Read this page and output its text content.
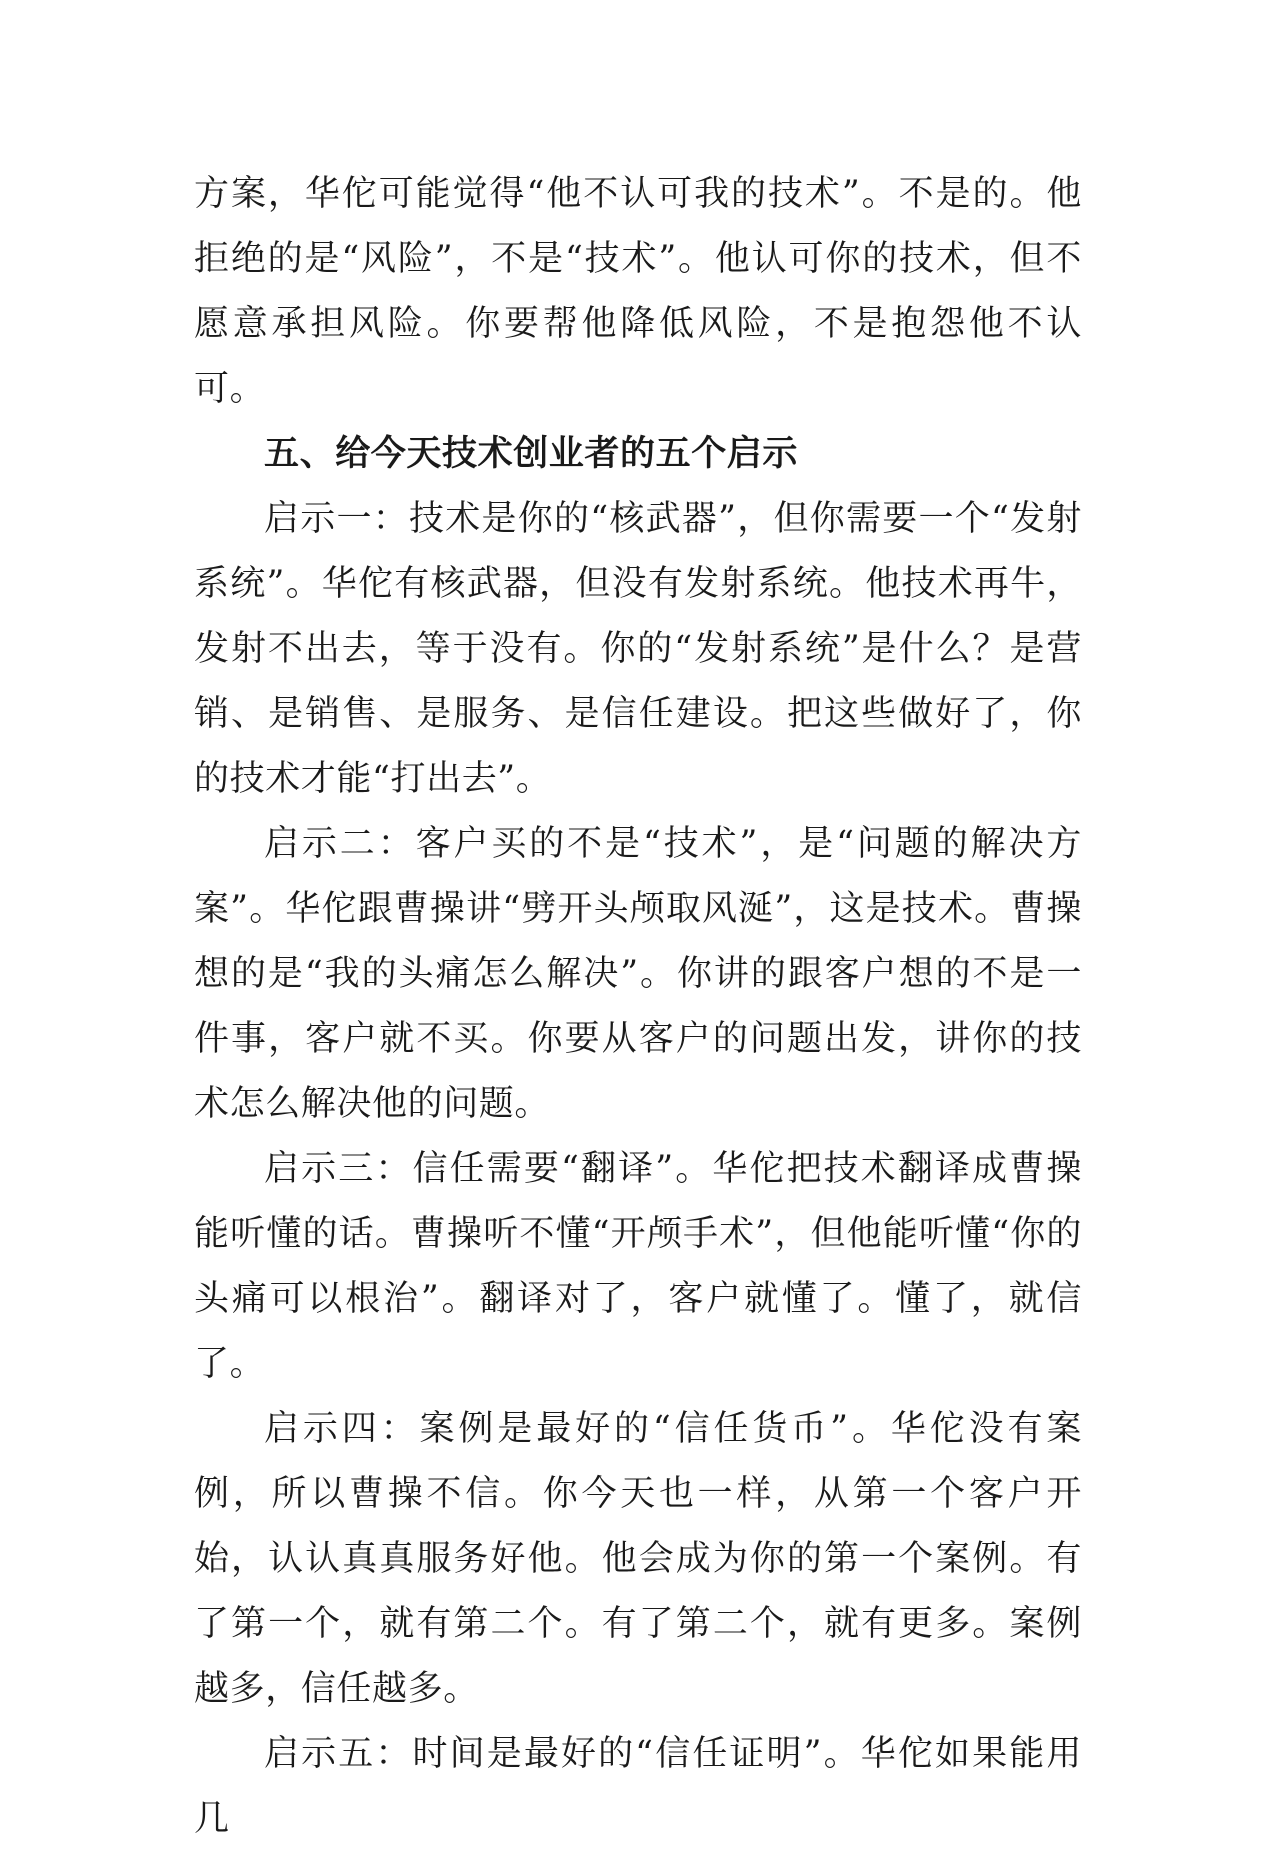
方案，华佗可能觉得“他不认可我的技术”。不是的。他拒绝的是“风险”，不是“技术”。他认可你的技术，但不愿意承担风险。你要帮他降低风险，不是抱怨他不认可。

五、给今天技术创业者的五个启示

启示一：技术是你的“核武器”，但你需要一个“发射系统”。华佗有核武器，但没有发射系统。他技术再牛，发射不出去，等于没有。你的“发射系统”是什么？是营销、是销售、是服务、是信任建设。把这些做好了，你的技术才能“打出去”。

启示二：客户买的不是“技术”，是“问题的解决方案”。华佗跟曹操讲“劈开头颅取风涎”，这是技术。曹操想的是“我的头痛怎么解决”。你讲的跟客户想的不是一件事，客户就不买。你要从客户的问题出发，讲你的技术怎么解决他的问题。

启示三：信任需要“翻译”。华佗把技术翻译成曹操能听懂的话。曹操听不懂“开颅手术”，但他能听懂“你的头痛可以根治”。翻译对了，客户就懂了。懂了，就信了。

启示四：案例是最好的“信任货币”。华佗没有案例，所以曹操不信。你今天也一样，从第一个客户开始，认认真真服务好他。他会成为你的第一个案例。有了第一个，就有第二个。有了第二个，就有更多。案例越多，信任越多。

启示五：时间是最好的“信任证明”。华佗如果能用几
